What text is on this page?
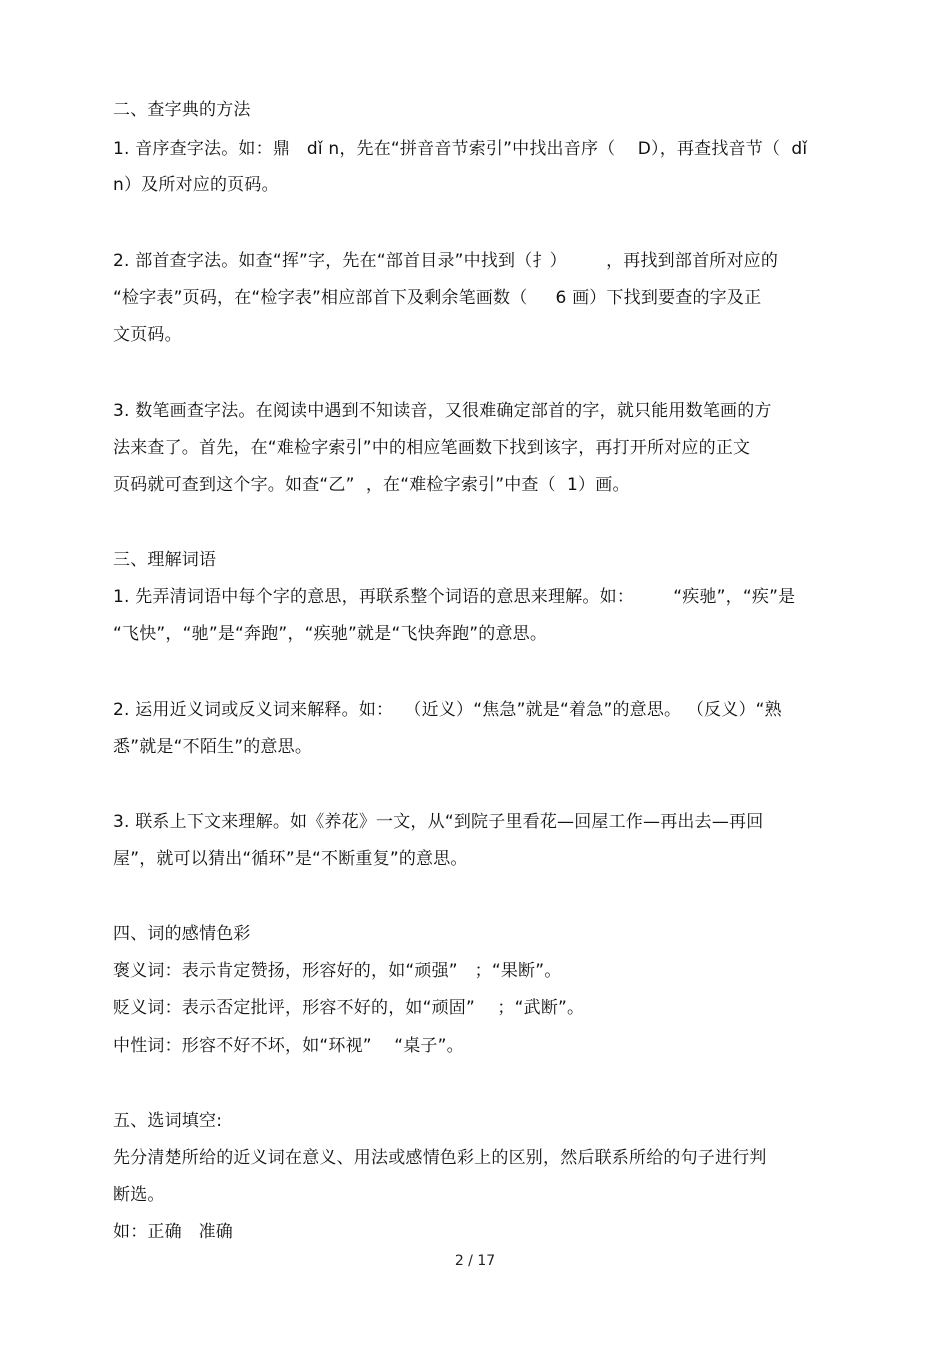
二、查字典的方法

1. 音序查字法。如：鼎   dǐ n，先在“拼音音节索引”中找出音序（    D），再查找音节（  dǐ

n）及所对应的页码。

2. 部首查字法。如查“挥”字，先在“部首目录”中找到（扌）       ，再找到部首所对应的

“检字表”页码，在“检字表”相应部首下及剩余笔画数（     6 画）下找到要查的字及正

文页码。

3. 数笔画查字法。在阅读中遇到不知读音，又很难确定部首的字，就只能用数笔画的方

法来查了。首先，在“难检字索引”中的相应笔画数下找到该字，再打开所对应的正文

页码就可查到这个字。如查“乙”  ，在“难检字索引”中查（  1）画。

三、理解词语

1. 先弄清词语中每个字的意思，再联系整个词语的意思来理解。如：       “疾驰”，“疾”是

“飞快”，“驰”是“奔跑”，“疾驰”就是“飞快奔跑”的意思。

2. 运用近义词或反义词来解释。如：  （近义）“焦急”就是“着急”的意思。 （反义）“熟

悉”就是“不陌生”的意思。

3. 联系上下文来理解。如《养花》一文，从“到院子里看花—回屋工作—再出去—再回

屋”，就可以猜出“循环”是“不断重复”的意思。

四、词的感情色彩

褒义词：表示肯定赞扬，形容好的，如“顽强”   ；“果断”。

贬义词：表示否定批评，形容不好的，如“顽固”    ；“武断”。

中性词：形容不好不坏，如“环视”    “桌子”。

五、选词填空:

先分清楚所给的近义词在意义、用法或感情色彩上的区别，然后联系所给的句子进行判

断选。

如：正确   准确

2 / 17
